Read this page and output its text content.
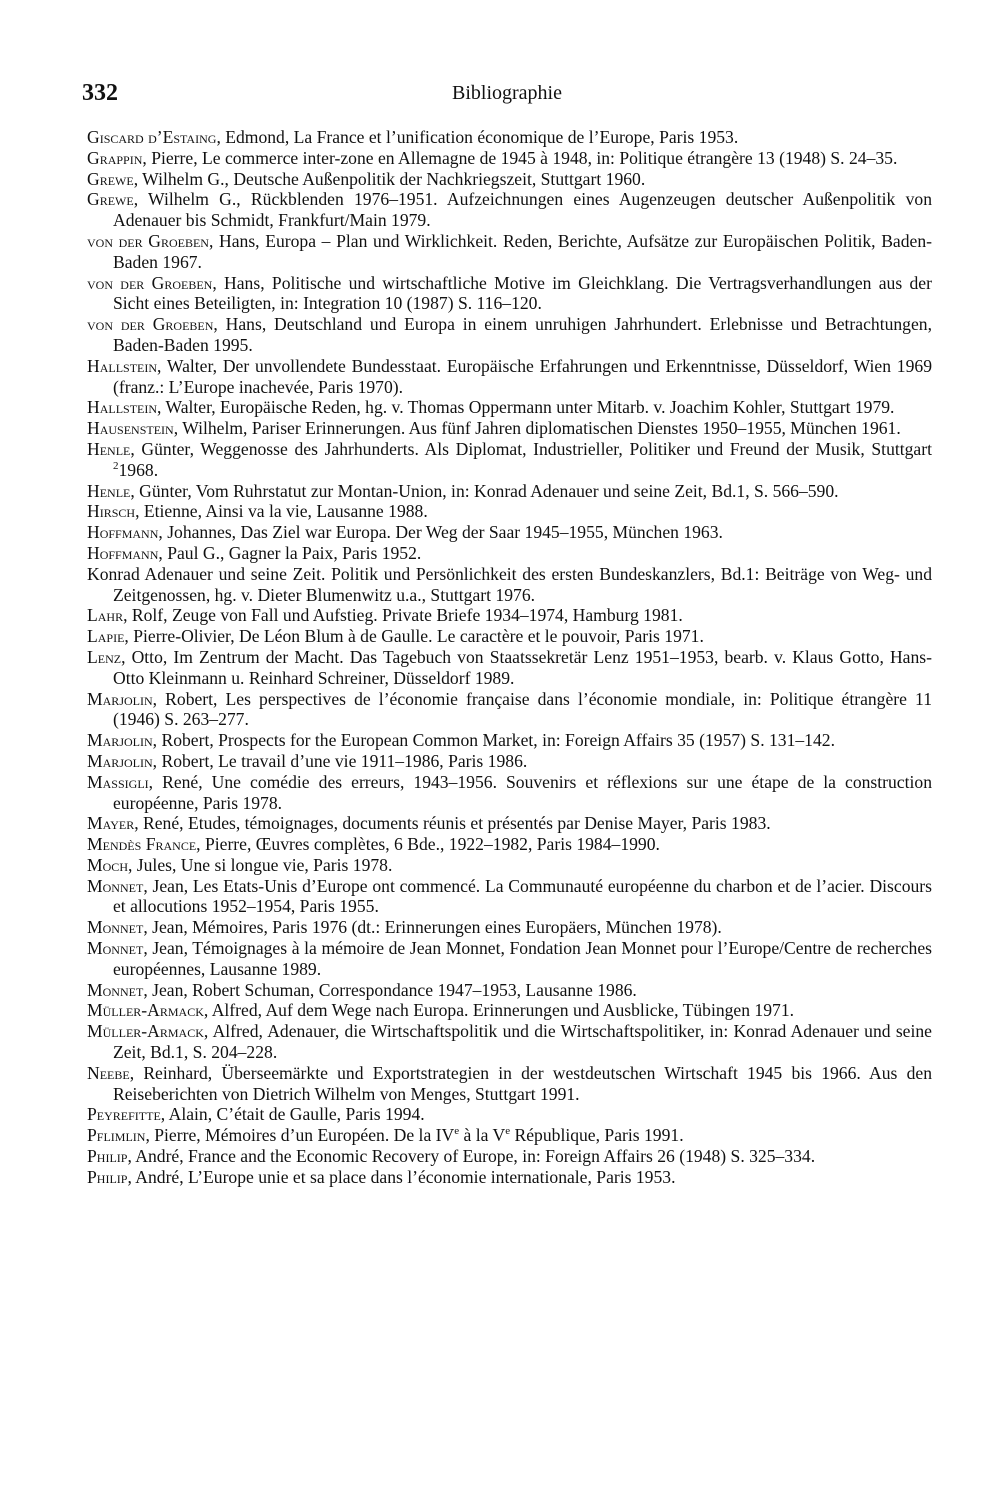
332	Bibliographie

Giscard d’Estaing, Edmond, La France et l’unification économique de l’Europe, Paris 1953.

Grappin, Pierre, Le commerce inter-zone en Allemagne de 1945 à 1948, in: Politique étrangère 13 (1948) S. 24–35.

Grewe, Wilhelm G., Deutsche Außenpolitik der Nachkriegszeit, Stuttgart 1960.

Grewe, Wilhelm G., Rückblenden 1976–1951. Aufzeichnungen eines Augenzeugen deutscher Außenpolitik von Adenauer bis Schmidt, Frankfurt/Main 1979.

von der Groeben, Hans, Europa – Plan und Wirklichkeit. Reden, Berichte, Aufsätze zur Europäischen Politik, Baden-Baden 1967.

von der Groeben, Hans, Politische und wirtschaftliche Motive im Gleichklang. Die Vertragsverhandlungen aus der Sicht eines Beteiligten, in: Integration 10 (1987) S. 116–120.

von der Groeben, Hans, Deutschland und Europa in einem unruhigen Jahrhundert. Erlebnisse und Betrachtungen, Baden-Baden 1995.

Hallstein, Walter, Der unvollendete Bundesstaat. Europäische Erfahrungen und Erkenntnisse, Düsseldorf, Wien 1969 (franz.: L’Europe inachevée, Paris 1970).

Hallstein, Walter, Europäische Reden, hg. v. Thomas Oppermann unter Mitarb. v. Joachim Kohler, Stuttgart 1979.

Hausenstein, Wilhelm, Pariser Erinnerungen. Aus fünf Jahren diplomatischen Dienstes 1950–1955, München 1961.

Henle, Günter, Weggenosse des Jahrhunderts. Als Diplomat, Industrieller, Politiker und Freund der Musik, Stuttgart $^2$1968.

Henle, Günter, Vom Ruhrstatut zur Montan-Union, in: Konrad Adenauer und seine Zeit, Bd.1, S. 566–590.

Hirsch, Etienne, Ainsi va la vie, Lausanne 1988.

Hoffmann, Johannes, Das Ziel war Europa. Der Weg der Saar 1945–1955, München 1963.

Hoffmann, Paul G., Gagner la Paix, Paris 1952.

Konrad Adenauer und seine Zeit. Politik und Persönlichkeit des ersten Bundeskanzlers, Bd.1: Beiträge von Weg- und Zeitgenossen, hg. v. Dieter Blumenwitz u.a., Stuttgart 1976.

Lahr, Rolf, Zeuge von Fall und Aufstieg. Private Briefe 1934–1974, Hamburg 1981.

Lapie, Pierre-Olivier, De Léon Blum à de Gaulle. Le caractère et le pouvoir, Paris 1971.

Lenz, Otto, Im Zentrum der Macht. Das Tagebuch von Staatssekretär Lenz 1951–1953, bearb. v. Klaus Gotto, Hans-Otto Kleinmann u. Reinhard Schreiner, Düsseldorf 1989.

Marjolin, Robert, Les perspectives de l’économie française dans l’économie mondiale, in: Politique étrangère 11 (1946) S. 263–277.

Marjolin, Robert, Prospects for the European Common Market, in: Foreign Affairs 35 (1957) S. 131–142.

Marjolin, Robert, Le travail d’une vie 1911–1986, Paris 1986.

Massigli, René, Une comédie des erreurs, 1943–1956. Souvenirs et réflexions sur une étape de la construction européenne, Paris 1978.

Mayer, René, Etudes, témoignages, documents réunis et présentés par Denise Mayer, Paris 1983.

Mendès France, Pierre, Œuvres complètes, 6 Bde., 1922–1982, Paris 1984–1990.

Moch, Jules, Une si longue vie, Paris 1978.

Monnet, Jean, Les Etats-Unis d’Europe ont commencé. La Communauté européenne du charbon et de l’acier. Discours et allocutions 1952–1954, Paris 1955.

Monnet, Jean, Mémoires, Paris 1976 (dt.: Erinnerungen eines Europäers, München 1978).

Monnet, Jean, Témoignages à la mémoire de Jean Monnet, Fondation Jean Monnet pour l’Europe/Centre de recherches européennes, Lausanne 1989.

Monnet, Jean, Robert Schuman, Correspondance 1947–1953, Lausanne 1986.

Müller-Armack, Alfred, Auf dem Wege nach Europa. Erinnerungen und Ausblicke, Tübingen 1971.

Müller-Armack, Alfred, Adenauer, die Wirtschaftspolitik und die Wirtschaftspolitiker, in: Konrad Adenauer und seine Zeit, Bd.1, S. 204–228.

Neebe, Reinhard, Überseemärkte und Exportstrategien in der westdeutschen Wirtschaft 1945 bis 1966. Aus den Reiseberichten von Dietrich Wilhelm von Menges, Stuttgart 1991.

Peyrefitte, Alain, C’était de Gaulle, Paris 1994.

Pflimlin, Pierre, Mémoires d’un Européen. De la IVe à la Ve République, Paris 1991.

Philip, André, France and the Economic Recovery of Europe, in: Foreign Affairs 26 (1948) S. 325–334.

Philip, André, L’Europe unie et sa place dans l’économie internationale, Paris 1953.
